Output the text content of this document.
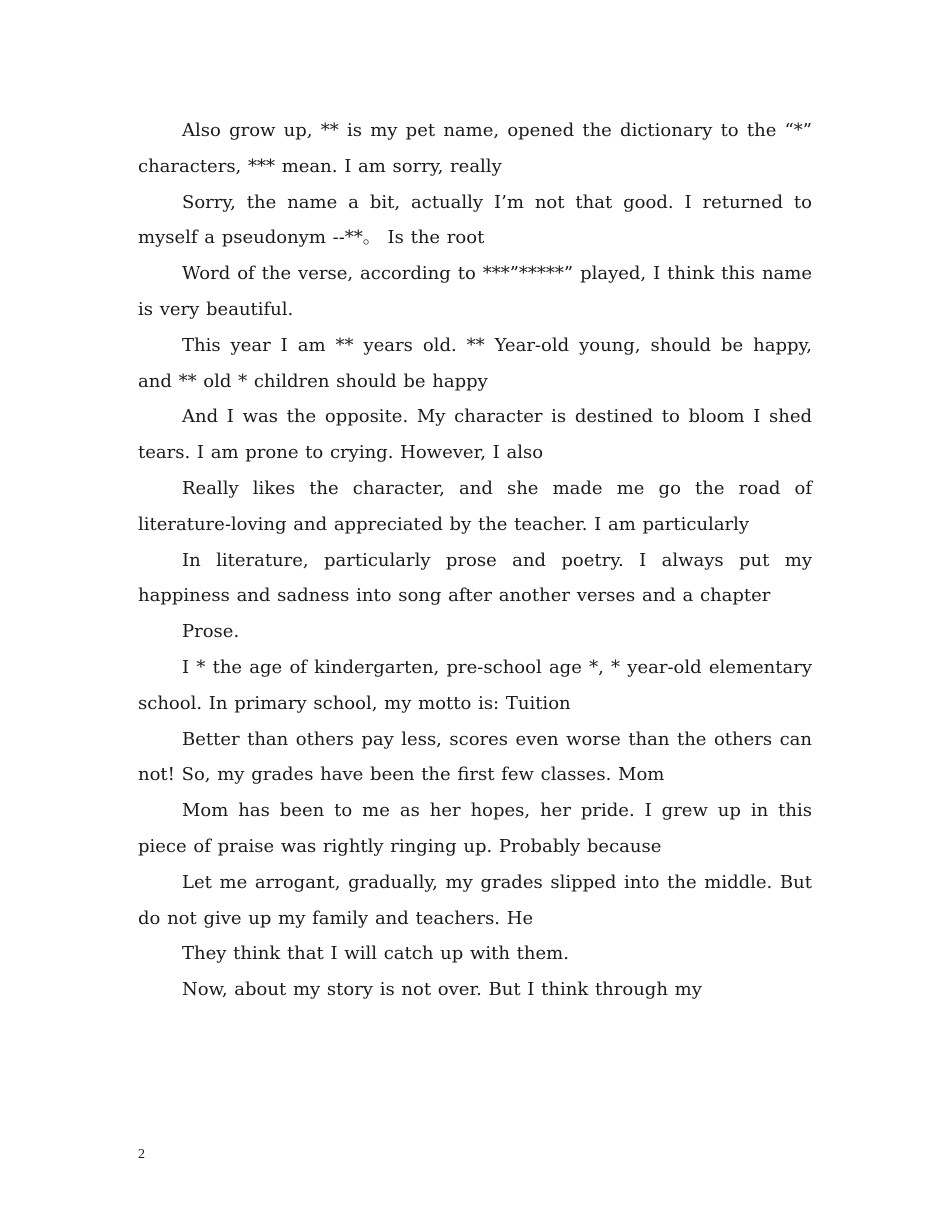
Also grow up, ** is my pet name, opened the dictionary to the “*” characters, *** mean. I am sorry, really

Sorry, the name a bit, actually I’m not that good. I returned to myself a pseudonym --**。 Is the root

Word of the verse, according to ***”*****” played, I think this name is very beautiful.

This year I am ** years old. ** Year-old young, should be happy, and ** old * children should be happy

And I was the opposite. My character is destined to bloom I shed tears. I am prone to crying. However, I also

Really likes the character, and she made me go the road of literature-loving and appreciated by the teacher. I am particularly

In literature, particularly prose and poetry. I always put my happiness and sadness into song after another verses and a chapter

Prose.

I * the age of kindergarten, pre-school age *, * year-old elementary school. In primary school, my motto is: Tuition

Better than others pay less, scores even worse than the others can not! So, my grades have been the first few classes. Mom

Mom has been to me as her hopes, her pride. I grew up in this piece of praise was rightly ringing up. Probably because

Let me arrogant, gradually, my grades slipped into the middle. But do not give up my family and teachers. He

They think that I will catch up with them.

Now, about my story is not over. But I think through my

2
